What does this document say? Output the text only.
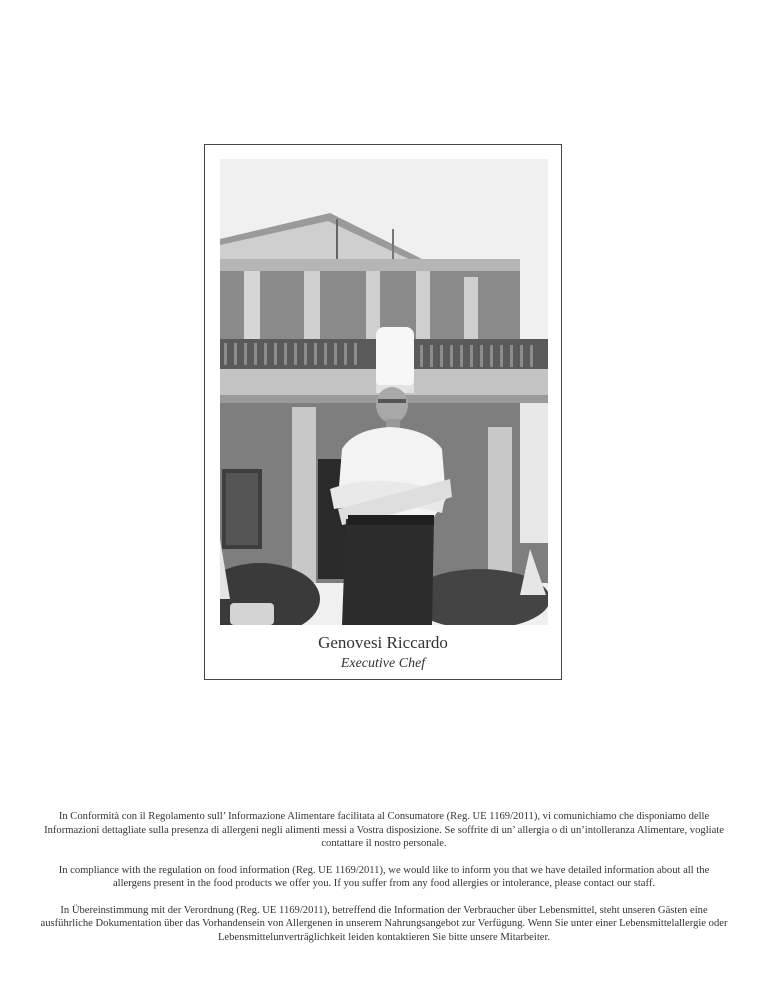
Genovesi Riccardo
Executive Chef

In Conformità con il Regolamento sull’ Informazione Alimentare facilitata al Consumatore (Reg. UE 1169/2011), vi comunichiamo che disponiamo delle Informazioni dettagliate sulla presenza di allergeni negli alimenti messi a Vostra disposizione. Se soffrite di un’ allergia o di un’intolleranza Alimentare, vogliate contattare il nostro personale.

In compliance with the regulation on food information (Reg. UE 1169/2011), we would like to inform you that we have detailed information about all the allergens present in the food products we offer you. If you suffer from any food allergies or intolerance, please contact our staff.

In Übereinstimmung mit der Verordnung (Reg. UE 1169/2011), betreffend die Information der Verbraucher über Lebensmittel, steht unseren Gästen eine ausführliche Dokumentation über das Vorhandensein von Allergenen in unserem Nahrungsangebot zur Verfügung. Wenn Sie unter einer Lebensmittelallergie oder Lebensmittelunverträglichkeit leiden kontaktieren Sie bitte unsere Mitarbeiter.
